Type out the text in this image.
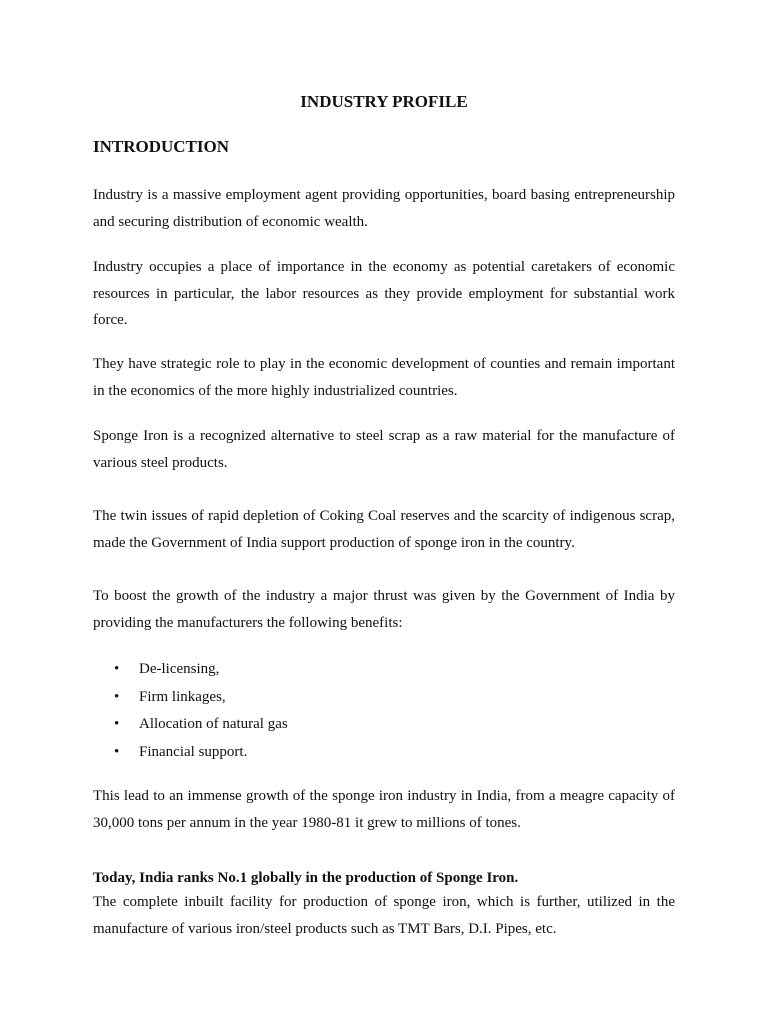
INDUSTRY PROFILE
INTRODUCTION

Industry is a massive employment agent providing opportunities, board basing entrepreneurship and securing distribution of economic wealth.

Industry occupies a place of importance in the economy as potential caretakers of economic resources in particular, the labor resources as they provide employment for substantial work force.

They have strategic role to play in the economic development of counties and remain important in the economics of the more highly industrialized countries.

Sponge Iron is a recognized alternative to steel scrap as a raw material for the manufacture of various steel products.

The twin issues of rapid depletion of Coking Coal reserves and the scarcity of indigenous scrap, made the Government of India support production of sponge iron in the country.

To boost the growth of the industry a major thrust was given by the Government of India by providing the manufacturers the following benefits:

• De-licensing,
• Firm linkages,
• Allocation of natural gas
• Financial support.

This lead to an immense growth of the sponge iron industry in India, from a meagre capacity of 30,000 tons per annum in the year 1980-81 it grew to millions of tones.

Today, India ranks No.1 globally in the production of Sponge Iron.

The complete inbuilt facility for production of sponge iron, which is further, utilized in the manufacture of various iron/steel products such as TMT Bars, D.I. Pipes, etc.
